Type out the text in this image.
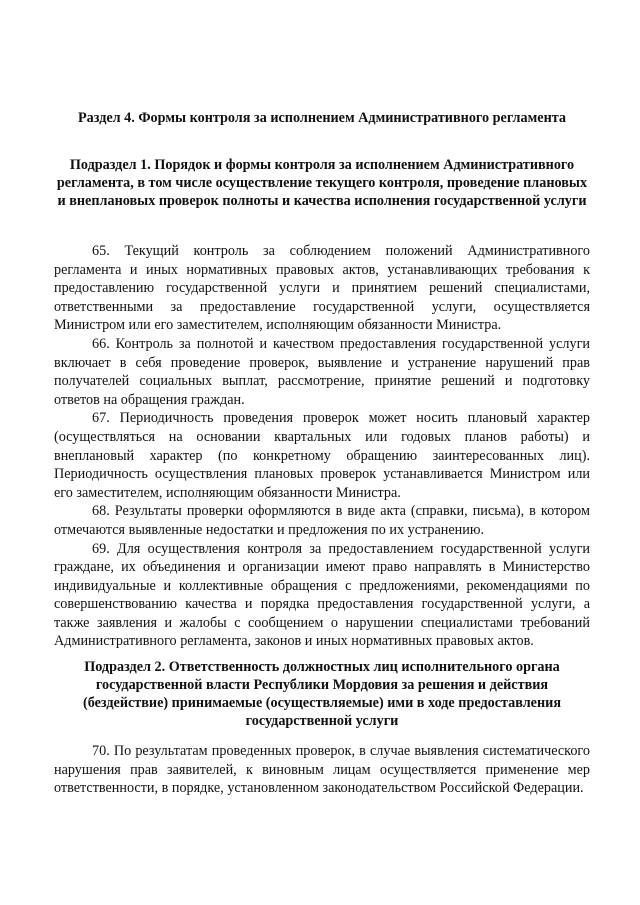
Раздел 4. Формы контроля за исполнением Административного регламента
Подраздел 1. Порядок и формы контроля за исполнением Административного регламента, в том числе осуществление текущего контроля, проведение плановых и внеплановых проверок полноты и качества исполнения государственной услуги

65. Текущий контроль за соблюдением положений Административного регламента и иных нормативных правовых актов, устанавливающих требования к предоставлению государственной услуги и принятием решений специалистами, ответственными за предоставление государственной услуги, осуществляется Министром или его заместителем, исполняющим обязанности Министра.

66. Контроль за полнотой и качеством предоставления государственной услуги включает в себя проведение проверок, выявление и устранение нарушений прав получателей социальных выплат, рассмотрение, принятие решений и подготовку ответов на обращения граждан.

67. Периодичность проведения проверок может носить плановый характер (осуществляться на основании квартальных или годовых планов работы) и внеплановый характер (по конкретному обращению заинтересованных лиц). Периодичность осуществления плановых проверок устанавливается Министром или его заместителем, исполняющим обязанности Министра.

68. Результаты проверки оформляются в виде акта (справки, письма), в котором отмечаются выявленные недостатки и предложения по их устранению.

69. Для осуществления контроля за предоставлением государственной услуги граждане, их объединения и организации имеют право направлять в Министерство индивидуальные и коллективные обращения с предложениями, рекомендациями по совершенствованию качества и порядка предоставления государственной услуги, а также заявления и жалобы с сообщением о нарушении специалистами требований Административного регламента, законов и иных нормативных правовых актов.

Подраздел 2. Ответственность должностных лиц исполнительного органа государственной власти Республики Мордовия за решения и действия (бездействие) принимаемые (осуществляемые) ими в ходе предоставления государственной услуги

70. По результатам проведенных проверок, в случае выявления систематического нарушения прав заявителей, к виновным лицам осуществляется применение мер ответственности, в порядке, установленном законодательством Российской Федерации.
